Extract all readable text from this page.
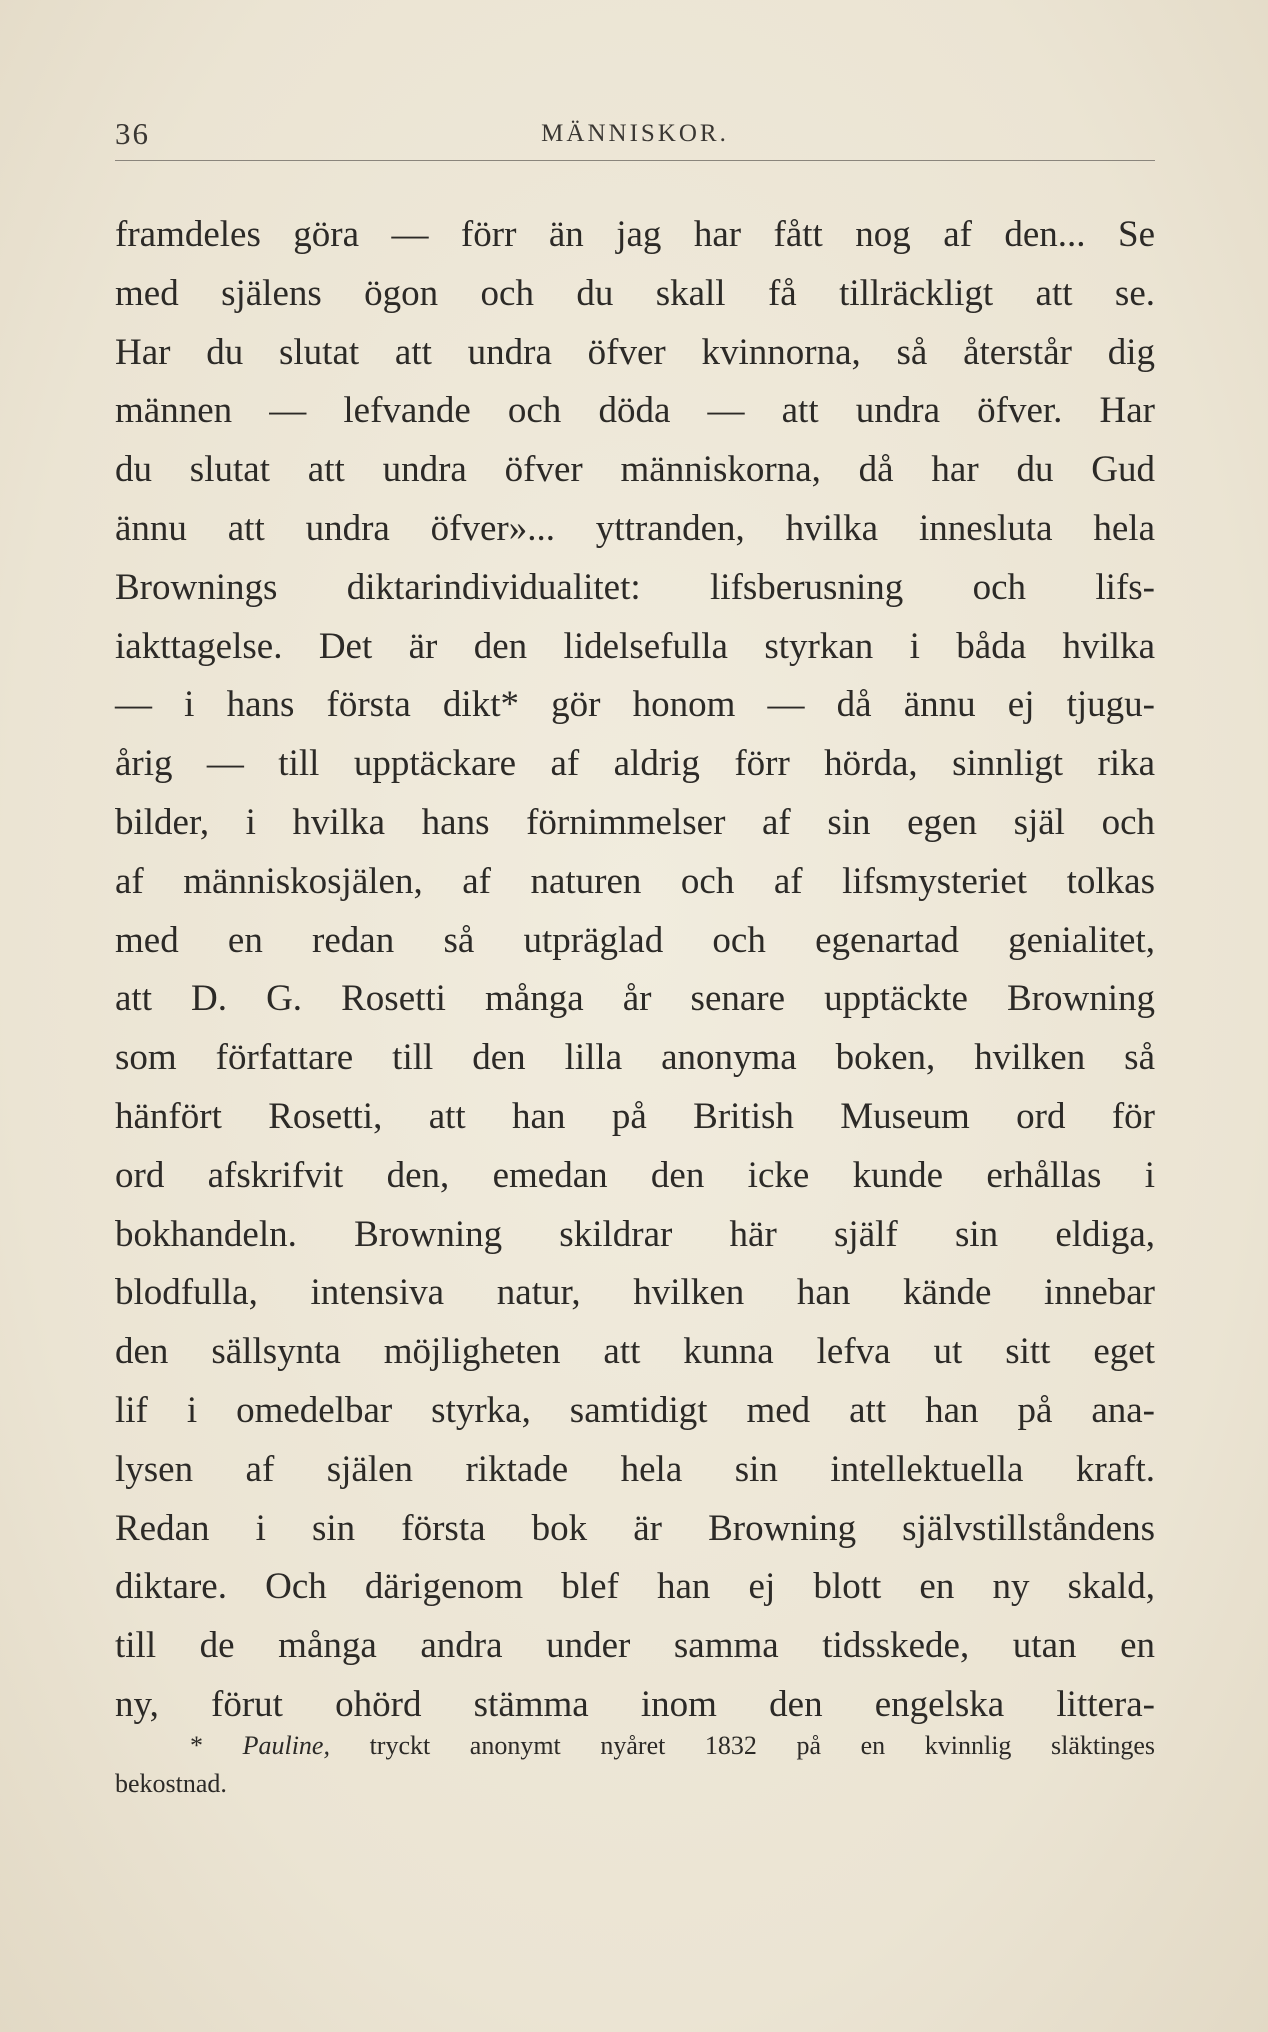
36	MÄNNISKOR.
framdeles göra — förr än jag har fått nog af den... Se
med själens ögon och du skall få tillräckligt att se.
Har du slutat att undra öfver kvinnorna, så återstår dig
männen — lefvande och döda — att undra öfver. Har
du slutat att undra öfver människorna, då har du Gud
ännu att undra öfver»... yttranden, hvilka innesluta hela
Brownings diktarindividualitet: lifsberusning och lifs-
iakttagelse. Det är den lidelsefulla styrkan i båda hvilka
— i hans första dikt* gör honom — då ännu ej tjugu-
årig — till upptäckare af aldrig förr hörda, sinnligt rika
bilder, i hvilka hans förnimmelser af sin egen själ och
af människosjälen, af naturen och af lifsmysteriet tolkas
med en redan så utpräglad och egenartad genialitet,
att D. G. Rosetti många år senare upptäckte Browning
som författare till den lilla anonyma boken, hvilken så
hänfört Rosetti, att han på British Museum ord för
ord afskrifvit den, emedan den icke kunde erhållas i
bokhandeln. Browning skildrar här själf sin eldiga,
blodfulla, intensiva natur, hvilken han kände innebar
den sällsynta möjligheten att kunna lefva ut sitt eget
lif i omedelbar styrka, samtidigt med att han på ana-
lysen af själen riktade hela sin intellektuella kraft.
Redan i sin första bok är Browning självstillståndens
diktare. Och därigenom blef han ej blott en ny skald,
till de många andra under samma tidsskede, utan en
ny, förut ohörd stämma inom den engelska littera-
* Pauline, tryckt anonymt nyåret 1832 på en kvinnlig släktinges
bekostnad.
